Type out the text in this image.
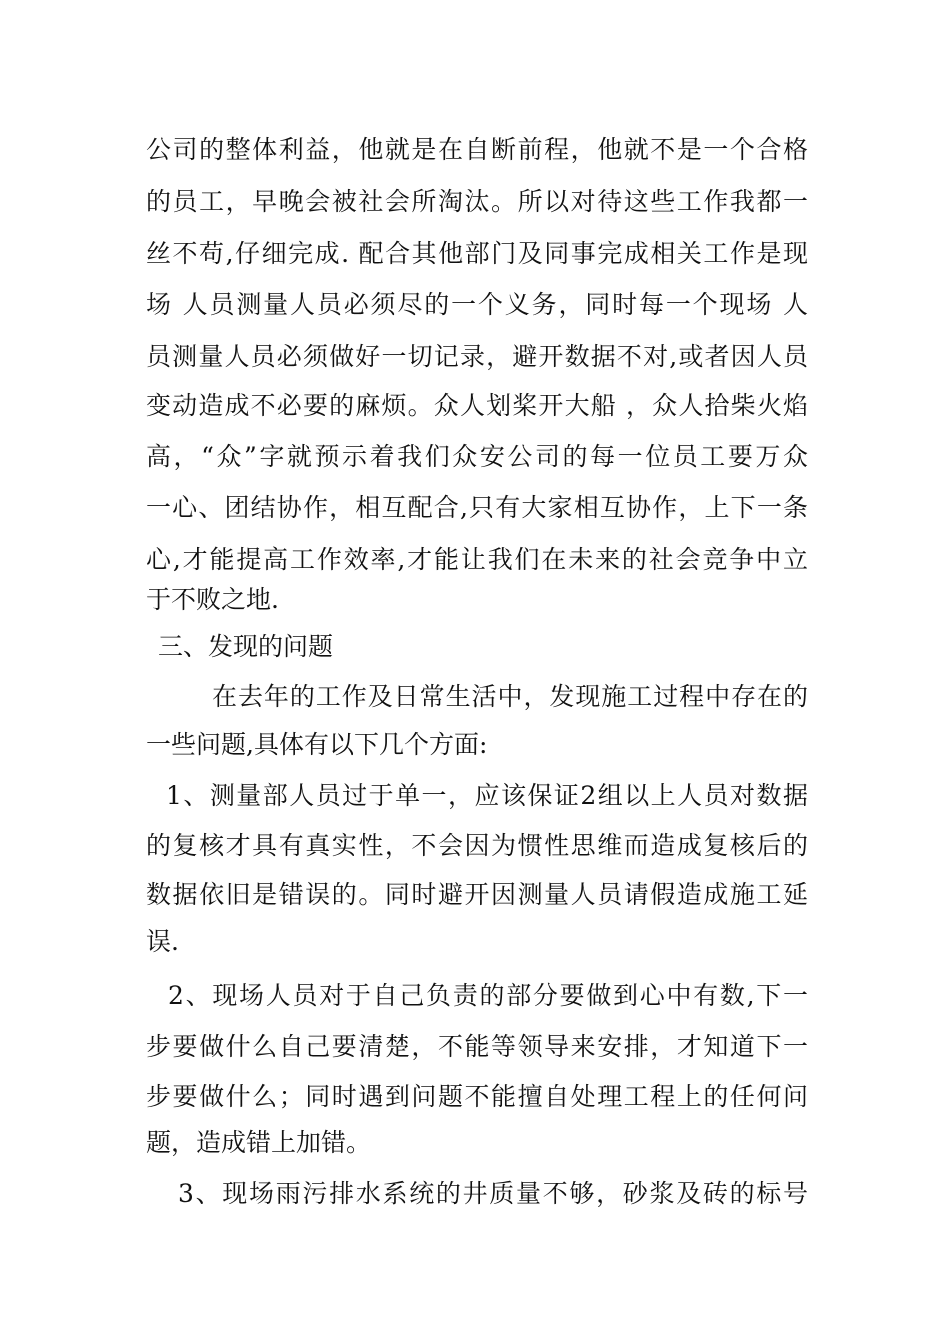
公司的整体利益，他就是在自断前程，他就不是一个合格
的员工，早晚会被社会所淘汰。所以对待这些工作我都一
丝不苟,仔细完成. 配合其他部门及同事完成相关工作是现
场 人员测量人员必须尽的一个义务，同时每一个现场 人
员测量人员必须做好一切记录，避开数据不对,或者因人员
变动造成不必要的麻烦。众人划桨开大船 ，众人拾柴火焰
高，“众”字就预示着我们众安公司的每一位员工要万众
一心、团结协作，相互配合,只有大家相互协作，上下一条
心,才能提高工作效率,才能让我们在未来的社会竞争中立
于不败之地.
三、发现的问题
在去年的工作及日常生活中，发现施工过程中存在的
一些问题,具体有以下几个方面:
1、测量部人员过于单一，应该保证2组以上人员对数据
的复核才具有真实性，不会因为惯性思维而造成复核后的
数据依旧是错误的。同时避开因测量人员请假造成施工延
误.
2、现场人员对于自己负责的部分要做到心中有数,下一
步要做什么自己要清楚，不能等领导来安排，才知道下一
步要做什么；同时遇到问题不能擅自处理工程上的任何问
题，造成错上加错。
3、现场雨污排水系统的井质量不够，砂浆及砖的标号
